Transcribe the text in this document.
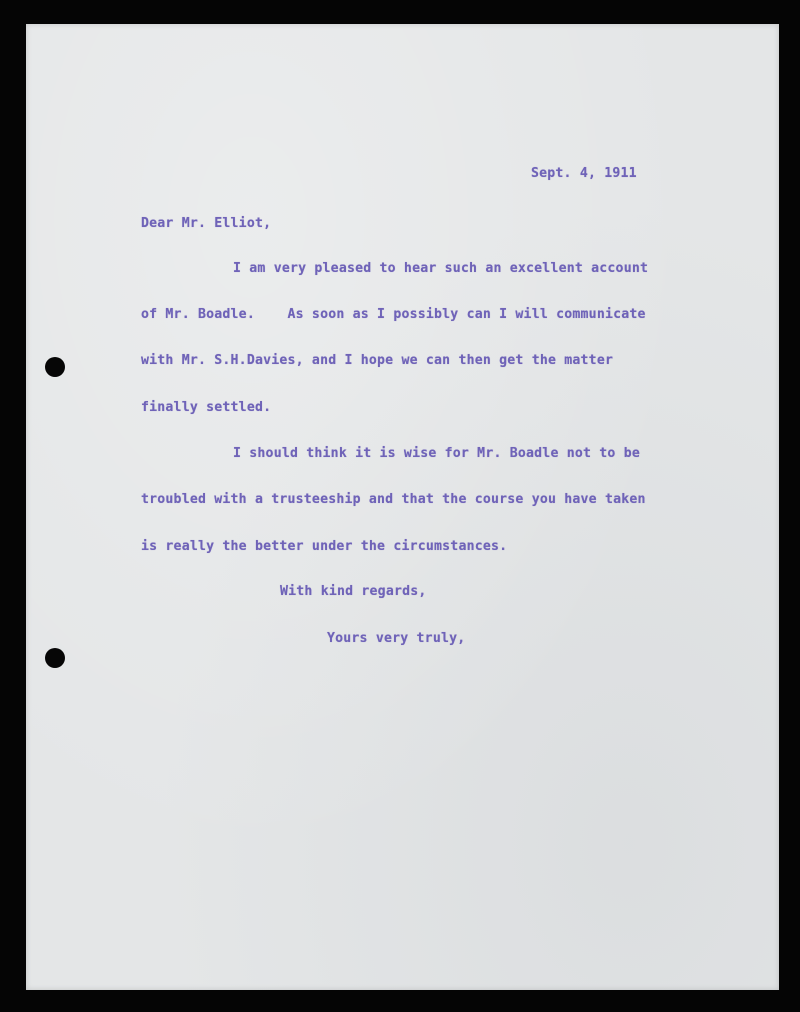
Sept. 4, 1911
Dear Mr. Elliot,
I am very pleased to hear such an excellent account
of Mr. Boadle.    As soon as I possibly can I will communicate
with Mr. S.H.Davies, and I hope we can then get the matter
finally settled.
I should think it is wise for Mr. Boadle not to be
troubled with a trusteeship and that the course you have taken
is really the better under the circumstances.
With kind regards,
Yours very truly,
